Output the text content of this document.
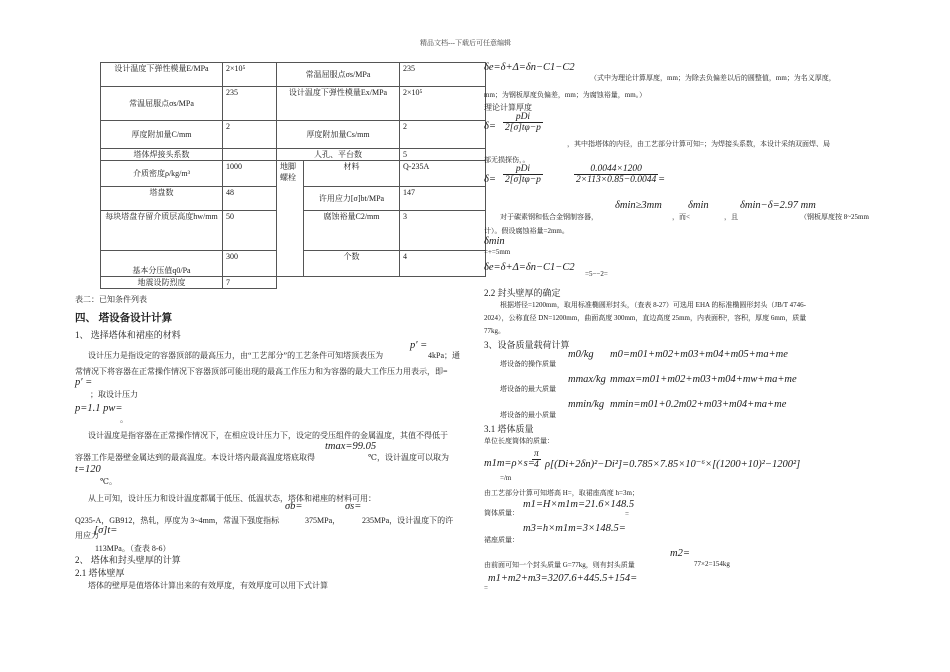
精品文档---下载后可任意编辑
设计温度下弹性模量E/MPa	2×10⁵	常温屈服点σs/MPa		235
常温屈服点σs/MPa	235	设计温度下弹性模量Ex/MPa		2×10⁵
厚度附加量C/mm	2	厚度附加量Cs/mm		2
塔体焊接头系数		人孔、平台数		5
介质密度ρ/kg/m³	1000	地脚螺栓	材料	Q-235A
塔盘数	48		许用应力[σ]bt/MPa	147
每块塔盘存留介质层高度hw/mm	50		腐蚀裕量C2/mm	3
基本分压值q0/Pa	300		个数	4
地震设防烈度	7			
表二：已知条件列表
四、 塔设备设计计算
1、 选择塔体和裙座的材料
p′ =
设计压力是指设定的容器顶部的最高压力，由“工艺部分”的工艺条件可知塔顶表压为	4kPa；通
常情况下将容器在正常操作情况下容器顶部可能出现的最高工作压力和为容器的最大工作压力用表示，即=
p′ =
；取设计压力
p=1.1 pw=
。
设计温度是指容器在正常操作情况下，在相应设计压力下，设定的受压组件的金属温度，其值不得低于
tmax=99.05
容器工作是器壁金属达到的最高温度。本设计塔内最高温度塔底取得	℃，设计温度可以取为
t=120
℃。
从上可知，设计压力和设计温度都属于低压、低温状态，塔体和裙座的材料可用：
σb=	σs=
Q235-A，GB912，热轧，厚度为 3~4mm，常温下强度指标	375MPa，	235MPa，设计温度下的许
用应力
[σ]t=
113MPa。（查表 8-6）
2、 塔体和封头壁厚的计算
2.1 塔体壁厚
塔体的壁厚是值塔体计算出来的有效厚度，有效厚度可以用下式计算
δe=δ+Δ=δn−C1−C2
（式中为理论计算厚度，mm；为除去负偏差以后的圆整值，mm；为名义厚度，
mm；为钢板厚度负偏差，mm；为腐蚀裕量，mm。）
理论计算厚度
$\delta= \frac{\text{pDi}}{2[\sigma]t\varphi-p}$
，其中指塔体的内径，由工艺部分计算可知=；为焊接头系数，本设计采纳双面焊、局
部无损探伤，。
$\delta= \frac{\text{pDi}}{2[\sigma]t\varphi-p}$	$\frac{0.0044\times 1200}{2\times 113\times 0.85-0.0044}$ =
δmin≥3mm δmin	δmin−δ=2.97 mm
对于碳素钢和低合金钢制容器，	，而<	，且	（钢板厚度按 8~25mm
计）。假设腐蚀裕量=2mm。
δmin
=+=5mm
δe=δ+Δ=δn−C1−C2
=5−−2=
2.2 封头壁厚的确定
根据塔径=1200mm，取用标准椭圆形封头，（查表 8-27）可选用 EHA 的标准椭圆形封头（JB/T 4746-
2024），公称直径 DN=1200mm，曲面高度 300mm，直边高度 25mm，内表面积²，容积，厚度 6mm，质量
77kg。
3、设备质量载荷计算
m0/kg m0=m01+m02+m03+m04+m05+ma+me
塔设备的操作质量
mmax/kg mmax=m01+m02+m03+m04+mw+ma+me
塔设备的最大质量
mmin/kg mmin=m01+0.2m02+m03+m04+ma+me
塔设备的最小质量
3.1 塔体质量
单位长度筒体的质量：
m1m=ρ×s=
$\frac{\pi}{4} \rho[(Di+2\delta n)^2-Di^2]=0.785\times 7.85\times 10^{-6}\times[(1200+10)^2-1200^2]$
=/m
由工艺部分计算可知塔高 H=，取裙座高度 h=3m；
m1=H×m1m=21.6×148.5
筒体质量：	=
m3=h×m1m=3×148.5=
裙座质量：
m2=
由前面可知一个封头质量 G=77kg，则有封头质量	77×2=154kg
m1+m2+m3=3207.6+445.5+154=
=
